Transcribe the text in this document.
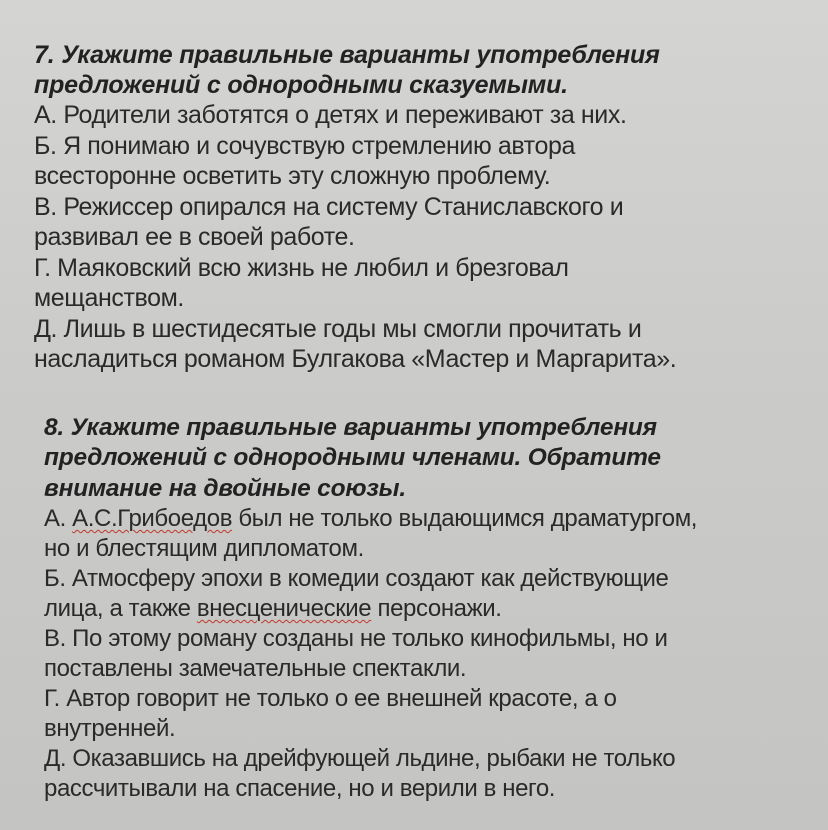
7. Укажите правильные варианты употребления
предложений с однородными сказуемыми.
А. Родители заботятся о детях и переживают за них.
Б. Я понимаю и сочувствую стремлению автора
всесторонне осветить эту сложную проблему.
В. Режиссер опирался на систему Станиславского и
развивал ее в своей работе.
Г. Маяковский всю жизнь не любил и брезговал
мещанством.
Д. Лишь в шестидесятые годы мы смогли прочитать и
насладиться романом Булгакова «Мастер и Маргарита».
8. Укажите правильные варианты употребления
предложений с однородными членами. Обратите
внимание на двойные союзы.
А. А.С.Грибоедов был не только выдающимся драматургом,
но и блестящим дипломатом.
Б. Атмосферу эпохи в комедии создают как действующие
лица, а также внесценические персонажи.
В. По этому роману созданы не только кинофильмы, но и
поставлены замечательные спектакли.
Г. Автор говорит не только о ее внешней красоте, а о
внутренней.
Д. Оказавшись на дрейфующей льдине, рыбаки не только
рассчитывали на спасение, но и верили в него.
